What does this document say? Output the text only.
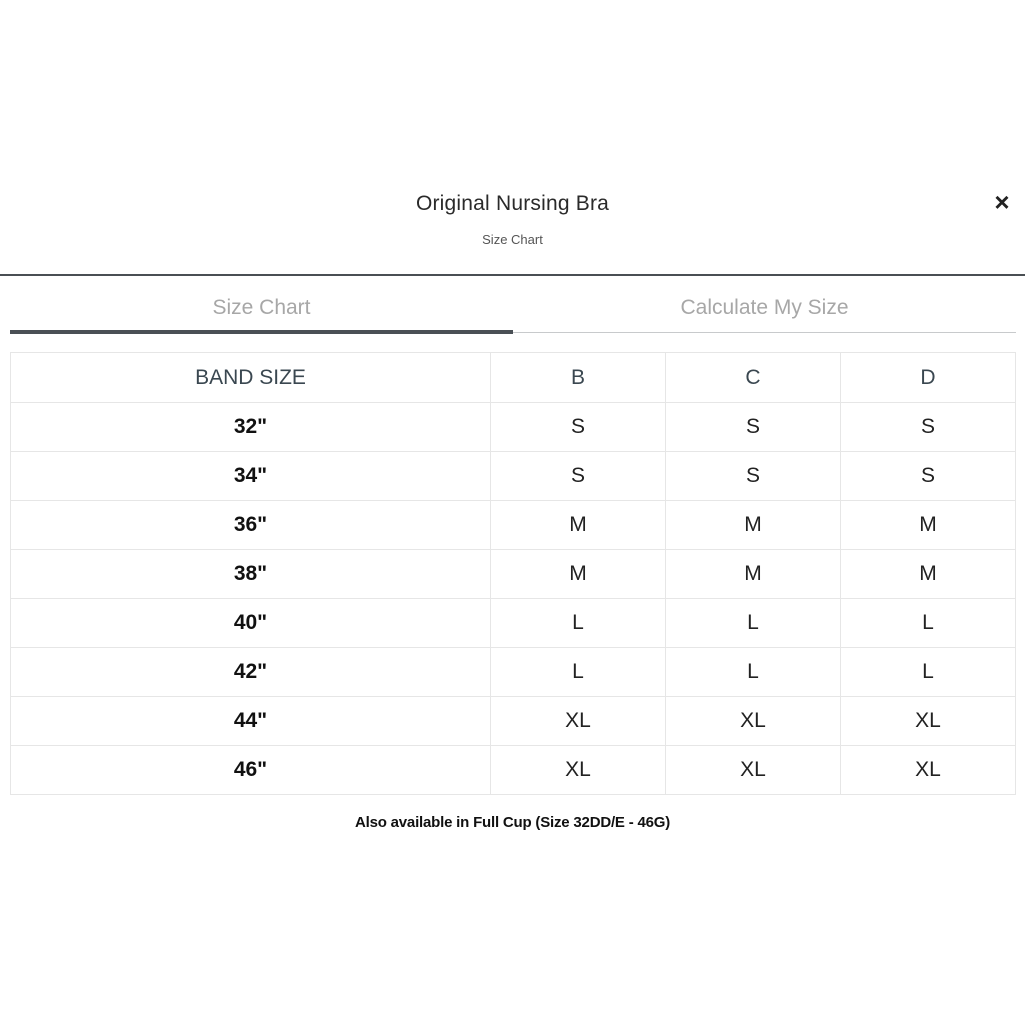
Original Nursing Bra
Size Chart
×
Size Chart	Calculate My Size
BAND SIZE	B	C	D
32"	S	S	S
34"	S	S	S
36"	M	M	M
38"	M	M	M
40"	L	L	L
42"	L	L	L
44"	XL	XL	XL
46"	XL	XL	XL
Also available in Full Cup (Size 32DD/E - 46G)
